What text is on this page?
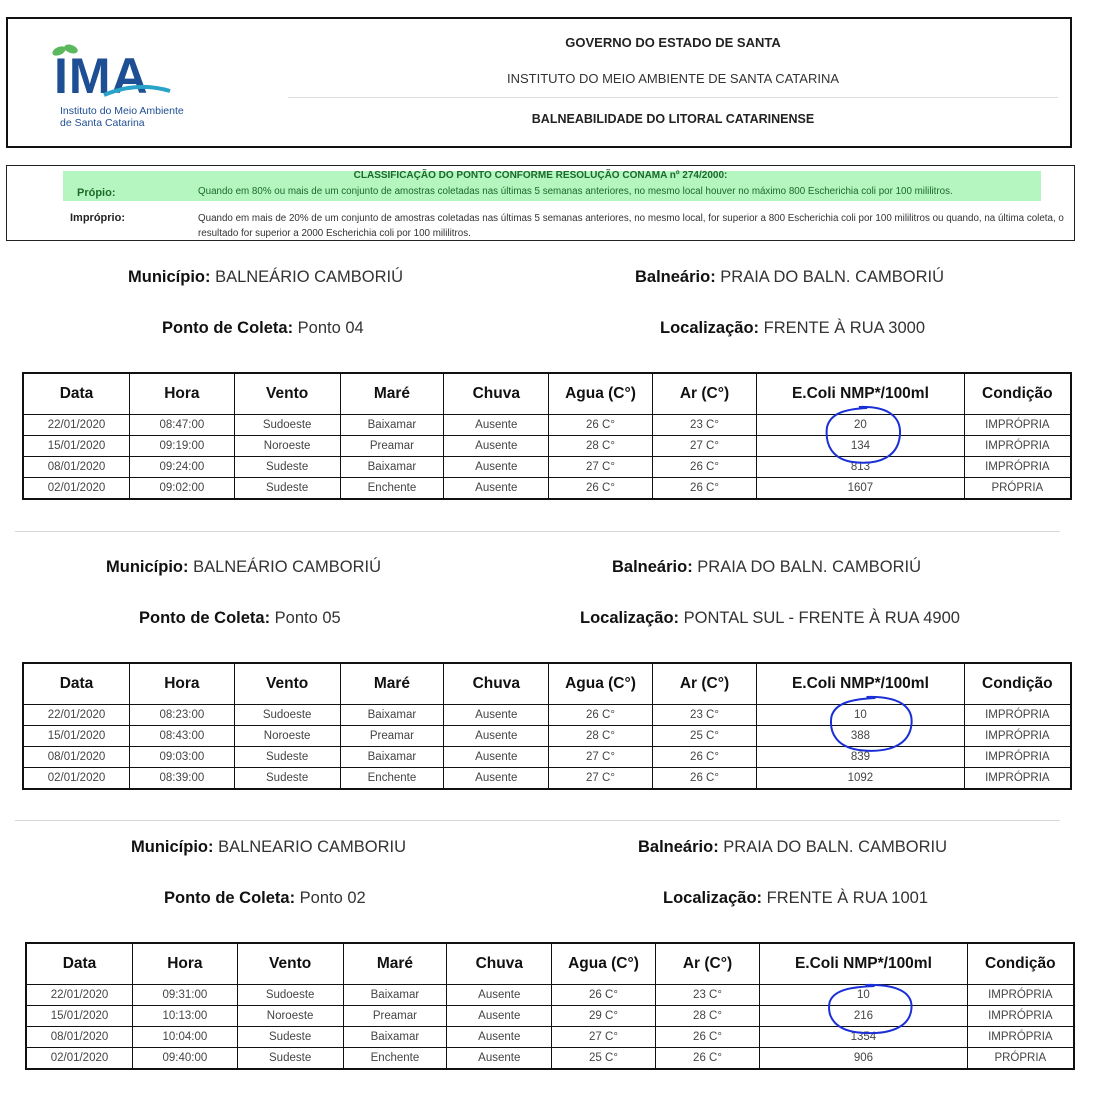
IMA
Instituto do Meio Ambiente
de Santa Catarina
GOVERNO DO ESTADO DE SANTA
INSTITUTO DO MEIO AMBIENTE DE SANTA CATARINA
BALNEABILIDADE DO LITORAL CATARINENSE
CLASSIFICAÇÃO DO PONTO CONFORME RESOLUÇÃO CONAMA nº 274/2000:
Própio:	Quando em 80% ou mais de um conjunto de amostras coletadas nas últimas 5 semanas anteriores, no mesmo local houver no máximo 800 Escherichia coli por 100 mililitros.
Impróprio:	Quando em mais de 20% de um conjunto de amostras coletadas nas últimas 5 semanas anteriores, no mesmo local, for superior a 800 Escherichia coli por 100 mililitros ou quando, na última coleta, o resultado for superior a 2000 Escherichia coli por 100 mililitros.
Município: BALNEÁRIO CAMBORIÚ	Balneário: PRAIA DO BALN. CAMBORIÚ
Ponto de Coleta: Ponto 04	Localização: FRENTE À RUA 3000
Data	Hora	Vento	Maré	Chuva	Agua (C°)	Ar (C°)	E.Coli NMP*/100ml	Condição
22/01/2020	08:47:00	Sudoeste	Baixamar	Ausente	26 C°	23 C°	20	IMPRÓPRIA
15/01/2020	09:19:00	Noroeste	Preamar	Ausente	28 C°	27 C°	134	IMPRÓPRIA
08/01/2020	09:24:00	Sudeste	Baixamar	Ausente	27 C°	26 C°	813	IMPRÓPRIA
02/01/2020	09:02:00	Sudeste	Enchente	Ausente	26 C°	26 C°	1607	PRÓPRIA
Município: BALNEÁRIO CAMBORIÚ	Balneário: PRAIA DO BALN. CAMBORIÚ
Ponto de Coleta: Ponto 05	Localização: PONTAL SUL - FRENTE À RUA 4900
Data	Hora	Vento	Maré	Chuva	Agua (C°)	Ar (C°)	E.Coli NMP*/100ml	Condição
22/01/2020	08:23:00	Sudoeste	Baixamar	Ausente	26 C°	23 C°	10	IMPRÓPRIA
15/01/2020	08:43:00	Noroeste	Preamar	Ausente	28 C°	25 C°	388	IMPRÓPRIA
08/01/2020	09:03:00	Sudeste	Baixamar	Ausente	27 C°	26 C°	839	IMPRÓPRIA
02/01/2020	08:39:00	Sudeste	Enchente	Ausente	27 C°	26 C°	1092	IMPRÓPRIA
Município: BALNEARIO CAMBORIU	Balneário: PRAIA DO BALN. CAMBORIU
Ponto de Coleta: Ponto 02	Localização: FRENTE À RUA 1001
Data	Hora	Vento	Maré	Chuva	Agua (C°)	Ar (C°)	E.Coli NMP*/100ml	Condição
22/01/2020	09:31:00	Sudoeste	Baixamar	Ausente	26 C°	23 C°	10	IMPRÓPRIA
15/01/2020	10:13:00	Noroeste	Preamar	Ausente	29 C°	28 C°	216	IMPRÓPRIA
08/01/2020	10:04:00	Sudeste	Baixamar	Ausente	27 C°	26 C°	1354	IMPRÓPRIA
02/01/2020	09:40:00	Sudeste	Enchente	Ausente	25 C°	26 C°	906	PRÓPRIA
